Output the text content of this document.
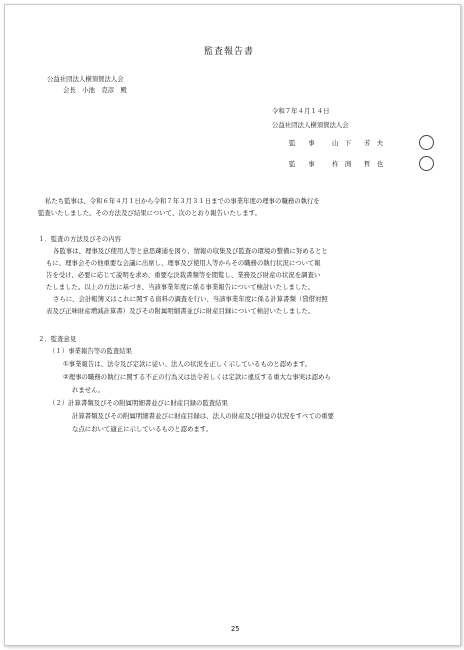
監査報告書
公益社団法人横須賀法人会
会長　小池　克彦　殿
令和７年４月１４日
公益社団法人横須賀法人会
監　　事	山　下　　芳　夫
監　　事	杵　渕　　哲　也
私たち監事は、令和６年４月１日から令和７年３月３１日までの事業年度の理事の職務の執行を
監査いたしました。その方法及び結果について、次のとおり報告いたします。
１．監査の方法及びその内容
各監事は、理事及び使用人等と意思疎通を図り、情報の収集及び監査の環境の整備に努めるとと
もに、理事会その他重要な会議に出席し、理事及び使用人等からその職務の執行状況について報
告を受け、必要に応じて説明を求め、重要な決裁書類等を閲覧し、業務及び財産の状況を調査い
たしました。以上の方法に基づき、当該事業年度に係る事業報告について検討いたしました。
さらに、会計帳簿又はこれに関する資料の調査を行い、当該事業年度に係る計算書類（貸借対照
表及び正味財産増減計算書）及びその附属明細書並びに財産目録について検討いたしました。
２．監査意見
（１）事業報告等の監査結果
①事業報告は、法令及び定款に従い、法人の状況を正しく示しているものと認めます。
②理事の職務の執行に関する不正の行為又は法令若しくは定款に違反する重大な事実は認めら
れません。
（２）計算書類及びその附属明細書並びに財産目録の監査結果
計算書類及びその附属明細書並びに財産目録は、法人の財産及び損益の状況をすべての重要
な点において適正に示しているものと認めます。
25
